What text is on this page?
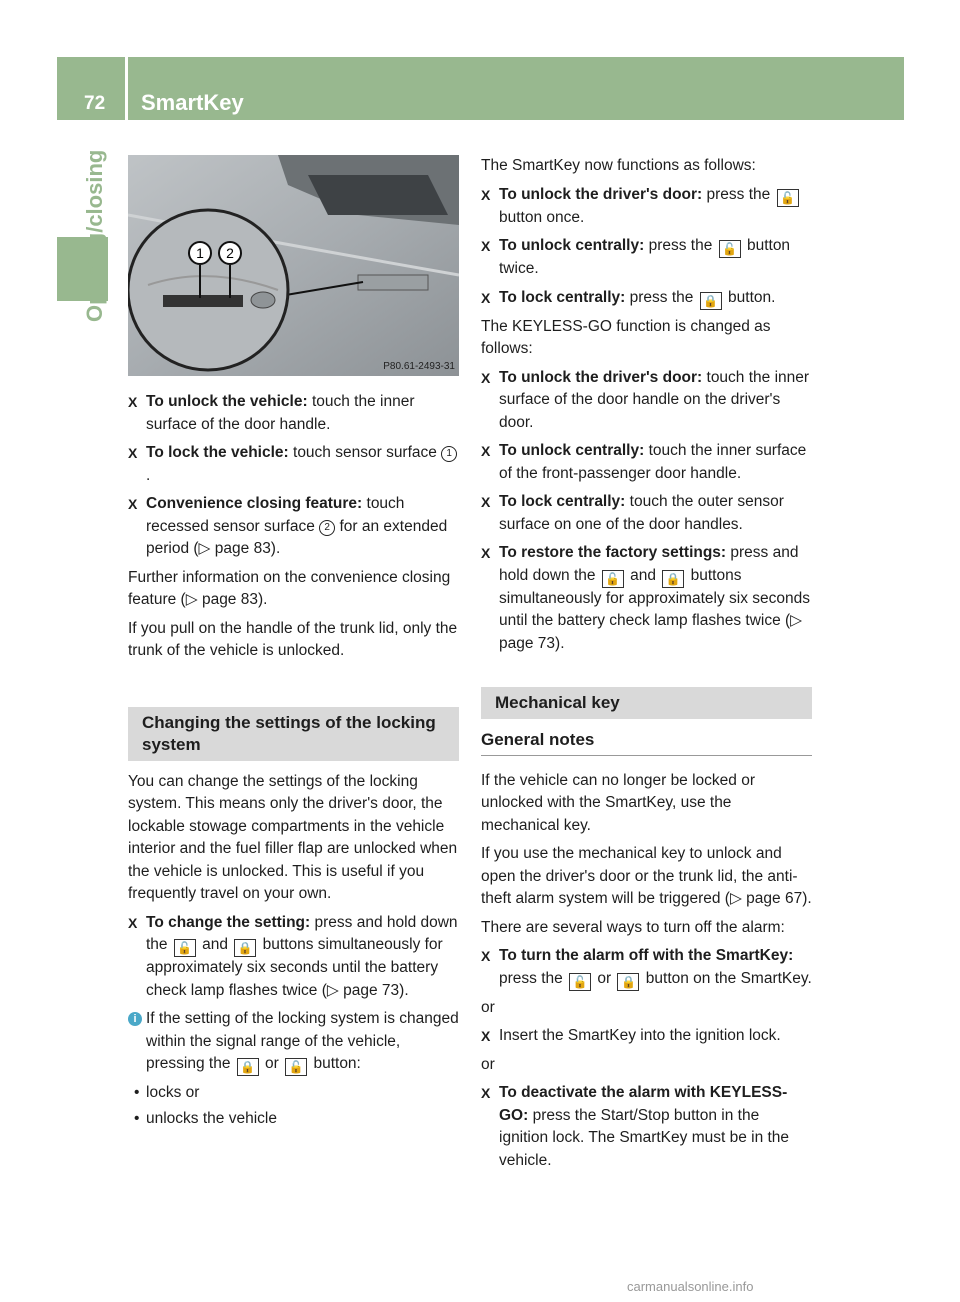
72 SmartKey
Opening/closing	1 2
P80.61-2493-31
X To unlock the vehicle: touch the inner surface of the door handle.
X To lock the vehicle: touch sensor surface 1.
X Convenience closing feature: touch recessed sensor surface 2 for an extended period (▷ page 83).

Further information on the convenience closing feature (▷ page 83).

If you pull on the handle of the trunk lid, only the trunk of the vehicle is unlocked.

Changing the settings of the locking system

You can change the settings of the locking system. This means only the driver's door, the lockable stowage compartments in the vehicle interior and the fuel filler flap are unlocked when the vehicle is unlocked. This is useful if you frequently travel on your own.

X To change the setting: press and hold down the 🔓 and 🔒 buttons simultaneously for approximately six seconds until the battery check lamp flashes twice (▷ page 73).
i If the setting of the locking system is changed within the signal range of the vehicle, pressing the 🔒 or 🔓 button:
• locks or
• unlocks the vehicle

The SmartKey now functions as follows:

X To unlock the driver's door: press the 🔓 button once.
X To unlock centrally: press the 🔓 button twice.
X To lock centrally: press the 🔒 button.

The KEYLESS-GO function is changed as follows:

X To unlock the driver's door: touch the inner surface of the door handle on the driver's door.
X To unlock centrally: touch the inner surface of the front-passenger door handle.
X To lock centrally: touch the outer sensor surface on one of the door handles.
X To restore the factory settings: press and hold down the 🔓 and 🔒 buttons simultaneously for approximately six seconds until the battery check lamp flashes twice (▷ page 73).
Mechanical key
General notes

If the vehicle can no longer be locked or unlocked with the SmartKey, use the mechanical key.

If you use the mechanical key to unlock and open the driver's door or the trunk lid, the anti-theft alarm system will be triggered (▷ page 67).

There are several ways to turn off the alarm:

X To turn the alarm off with the SmartKey: press the 🔓 or 🔒 button on the SmartKey.

or

X Insert the SmartKey into the ignition lock.

or

X To deactivate the alarm with KEYLESS-GO: press the Start/Stop button in the ignition lock. The SmartKey must be in the vehicle.
carmanualsonline.info
